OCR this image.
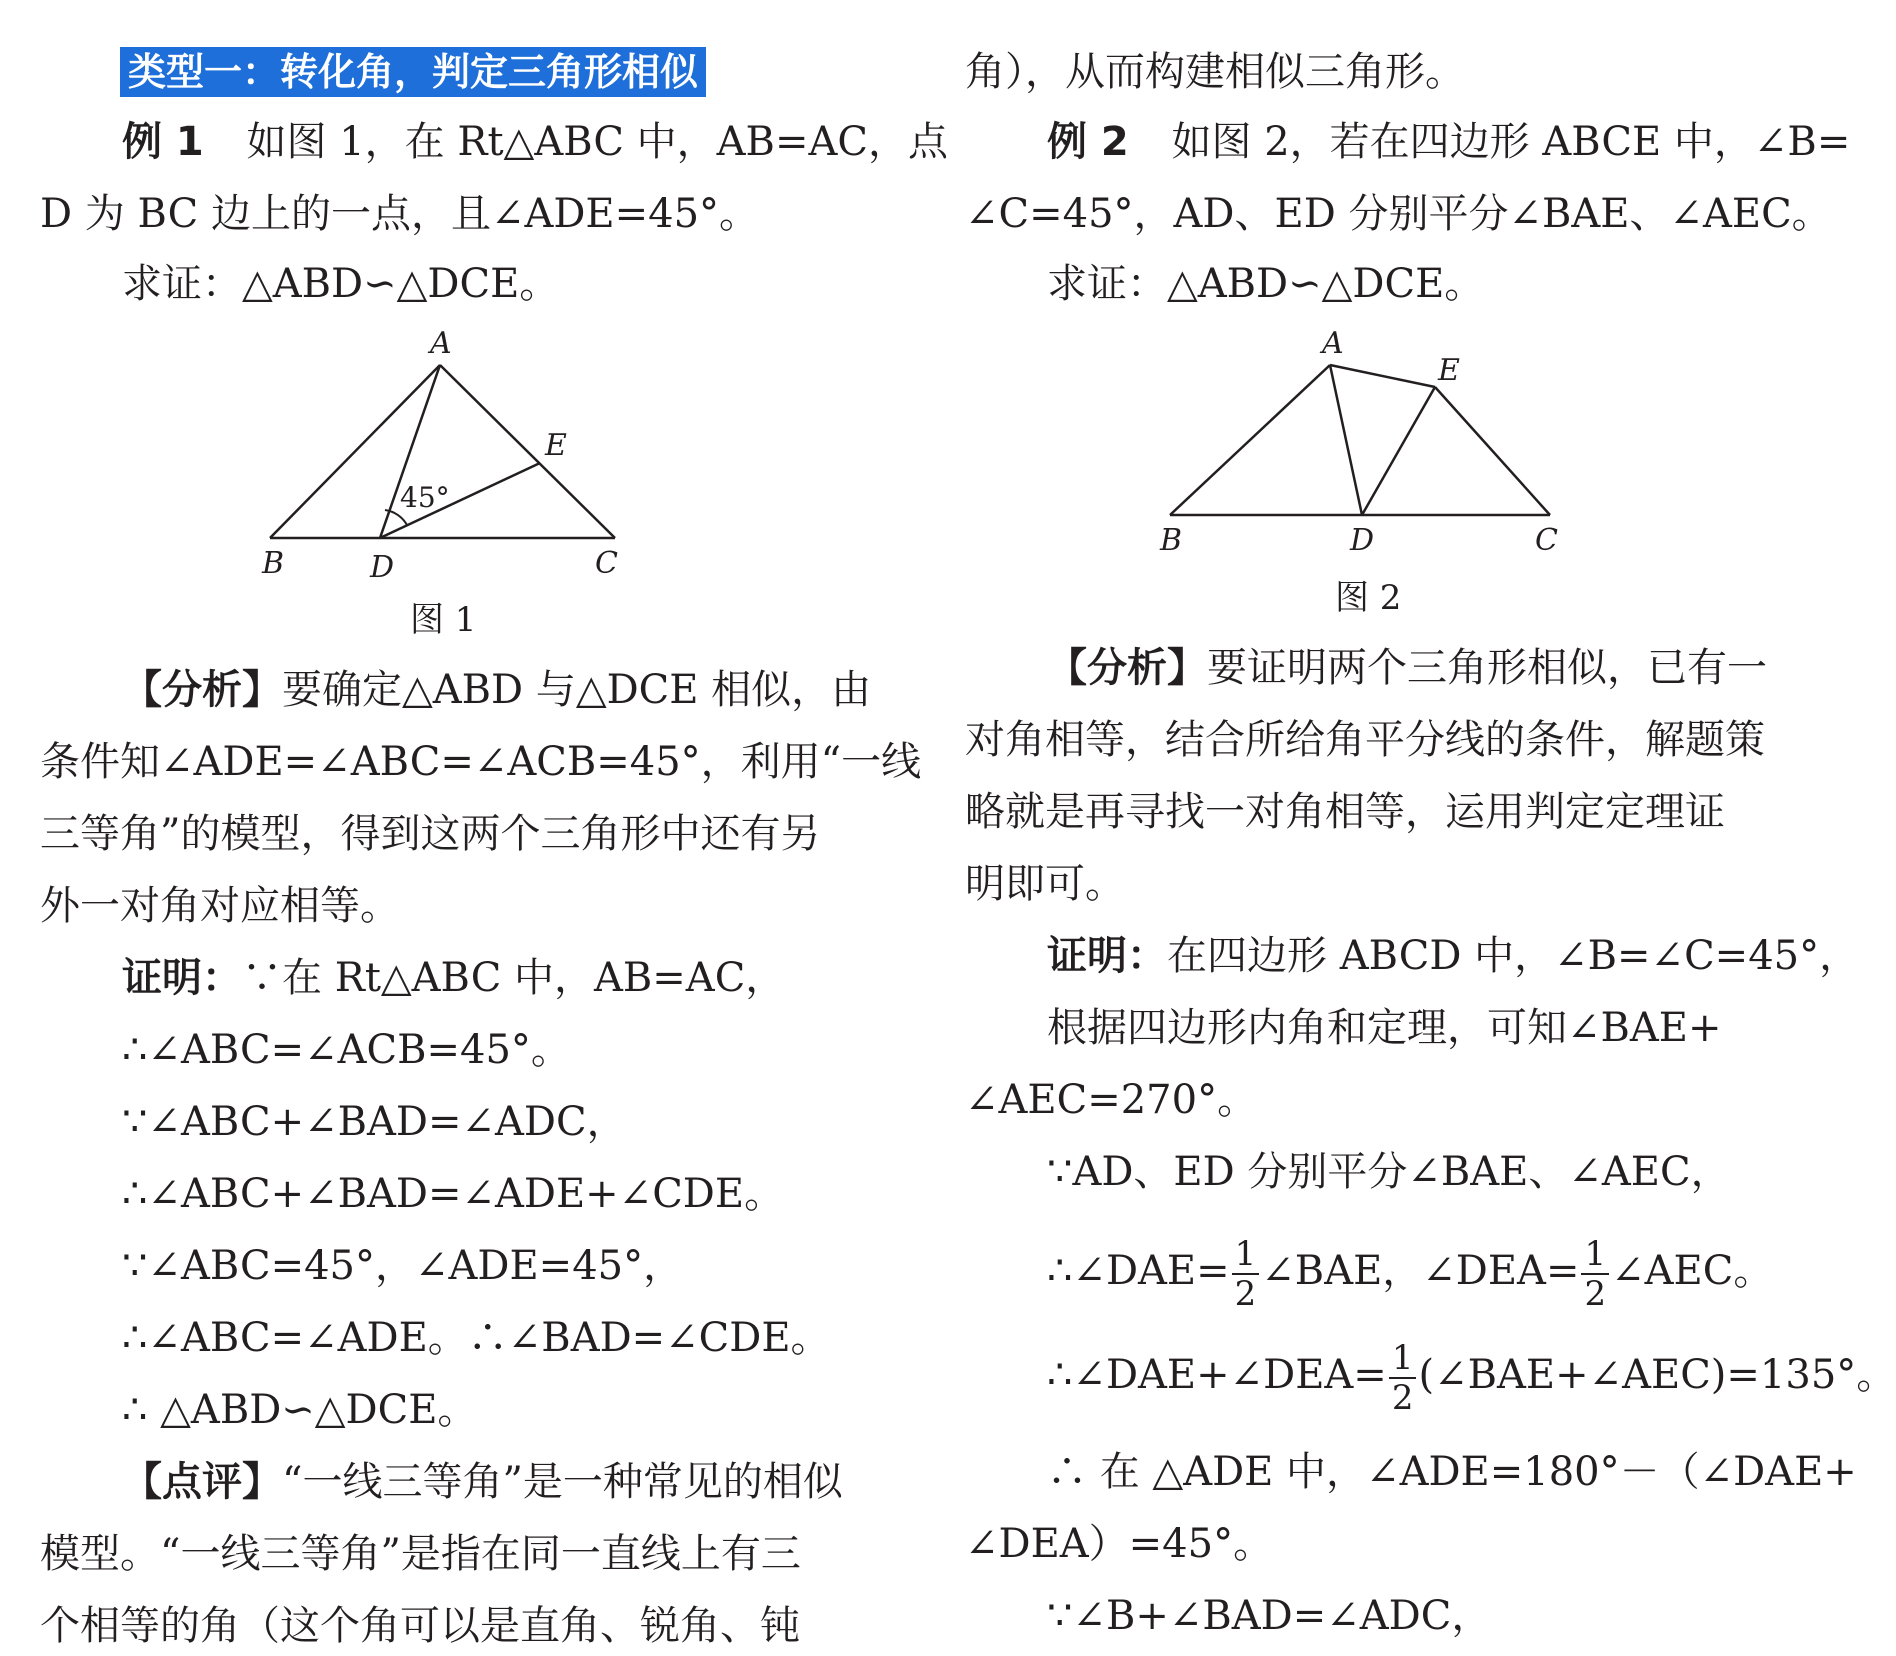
类型一：转化角，判定三角形相似
例 1 如图 1，在 Rt△ABC 中，AB=AC，点
D 为 BC 边上的一点，且∠ADE=45°。
求证：△ABD∽△DCE。
A
B	D	C
E
45°
图 1
【分析】要确定△ABD 与△DCE 相似，由
条件知∠ADE=∠ABC=∠ACB=45°，利用“一线
三等角”的模型，得到这两个三角形中还有另
外一对角对应相等。
证明：∵在 Rt△ABC 中，AB=AC，
∴∠ABC=∠ACB=45°。
∵∠ABC+∠BAD=∠ADC，
∴∠ABC+∠BAD=∠ADE+∠CDE。
∵∠ABC=45°，∠ADE=45°，
∴∠ABC=∠ADE。∴∠BAD=∠CDE。
∴ △ABD∽△DCE。
【点评】“一线三等角”是一种常见的相似
模型。“一线三等角”是指在同一直线上有三
个相等的角（这个角可以是直角、锐角、钝
角），从而构建相似三角形。
例 2 如图 2，若在四边形 ABCE 中，∠B=
∠C=45°，AD、ED 分别平分∠BAE、∠AEC。
求证：△ABD∽△DCE。
A
E
B	D	C
图 2
【分析】要证明两个三角形相似，已有一
对角相等，结合所给角平分线的条件，解题策
略就是再寻找一对角相等，运用判定定理证
明即可。
证明：在四边形 ABCD 中，∠B=∠C=45°，
根据四边形内角和定理，可知∠BAE+
∠AEC=270°。
∵AD、ED 分别平分∠BAE、∠AEC，
∴∠DAE= $\frac{1}{2}$ ∠BAE，∠DEA= $\frac{1}{2}$ ∠AEC。
∴∠DAE+∠DEA= $\frac{1}{2}$ (∠BAE+∠AEC)=135°。
∴ 在 △ADE 中，∠ADE=180°－（∠DAE+
∠DEA）=45°。
∵∠B+∠BAD=∠ADC，
